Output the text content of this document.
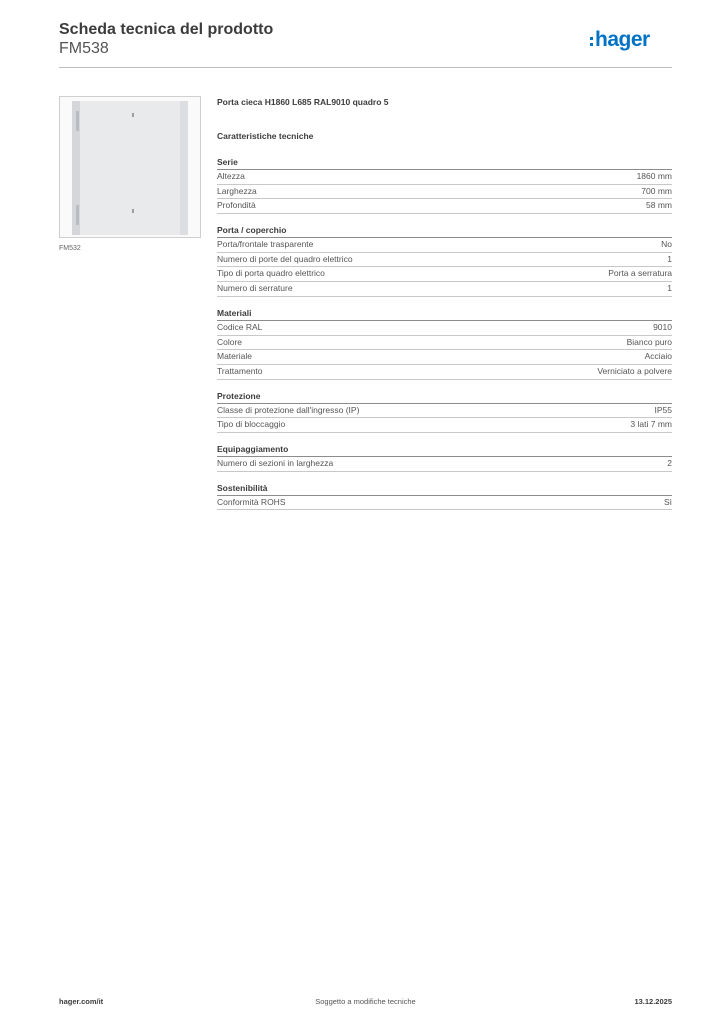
Scheda tecnica del prodotto
FM538	hager
FM532
Porta cieca H1860 L685 RAL9010 quadro 5
Caratteristiche tecniche
Serie
Altezza	1860 mm
Larghezza	700 mm
Profondità	58 mm
Porta / coperchio
Porta/frontale trasparente	No
Numero di porte del quadro elettrico	1
Tipo di porta quadro elettrico	Porta a serratura
Numero di serrature	1
Materiali
Codice RAL	9010
Colore	Bianco puro
Materiale	Acciaio
Trattamento	Verniciato a polvere
Protezione
Classe di protezione dall'ingresso (IP)	IP55
Tipo di bloccaggio	3 lati 7 mm
Equipaggiamento
Numero di sezioni in larghezza	2
Sostenibilità
Conformità ROHS	Sì
hager.com/it	Soggetto a modifiche tecniche	13.12.2025
